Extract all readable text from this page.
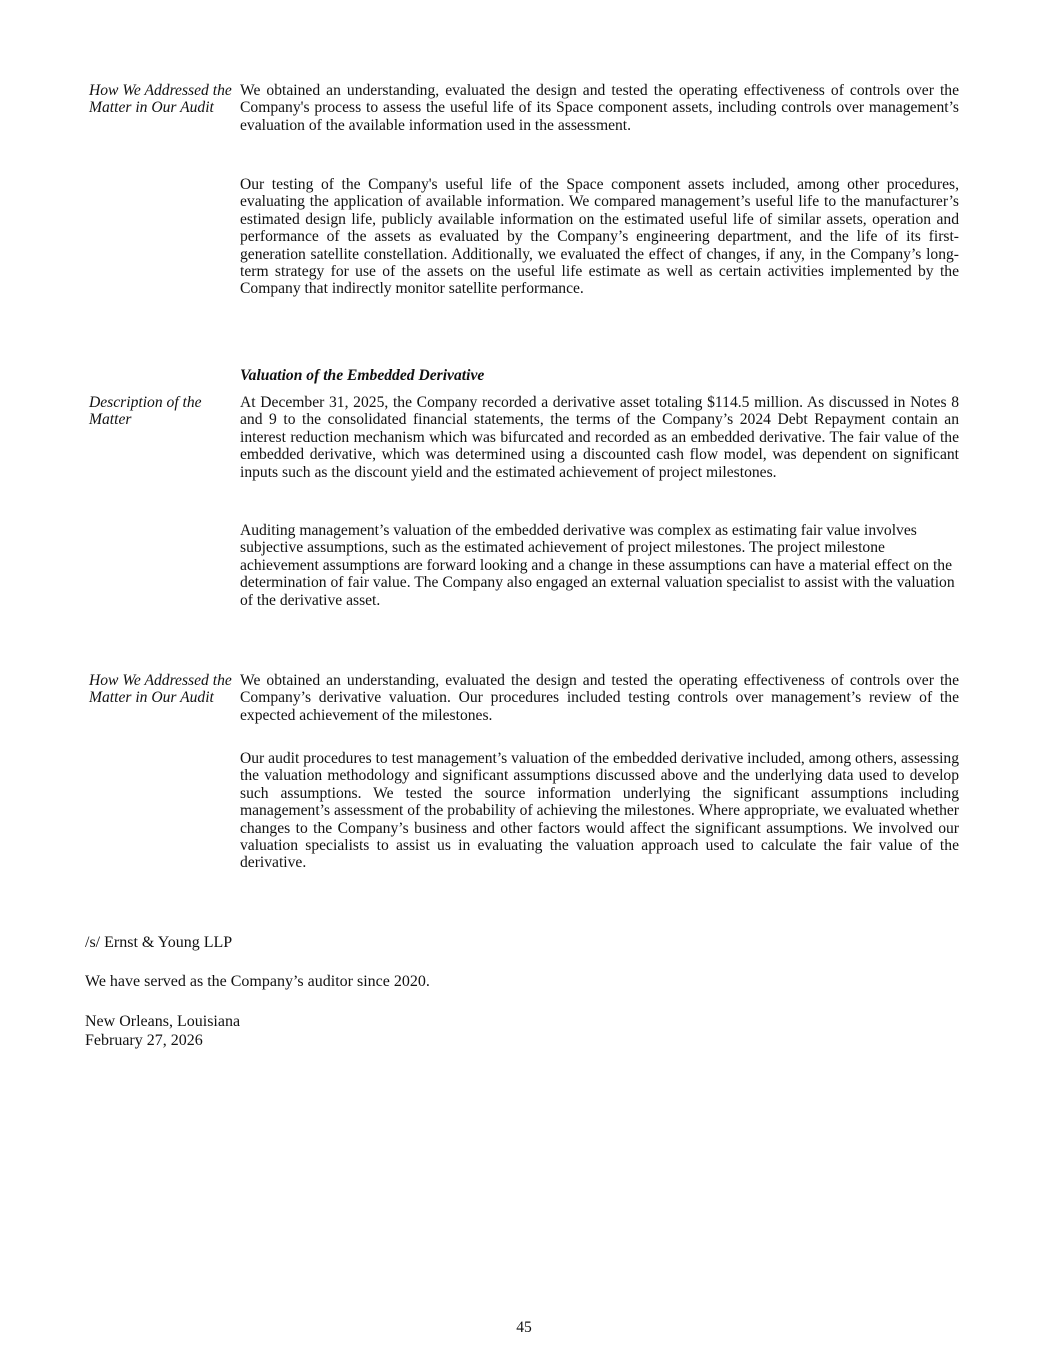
How We Addressed the Matter in Our Audit
We obtained an understanding, evaluated the design and tested the operating effectiveness of controls over the Company's process to assess the useful life of its Space component assets, including controls over management’s evaluation of the available information used in the assessment.
Our testing of the Company's useful life of the Space component assets included, among other procedures, evaluating the application of available information. We compared management’s useful life to the manufacturer’s estimated design life, publicly available information on the estimated useful life of similar assets, operation and performance of the assets as evaluated by the Company’s engineering department, and the life of its first-generation satellite constellation. Additionally, we evaluated the effect of changes, if any, in the Company’s long-term strategy for use of the assets on the useful life estimate as well as certain activities implemented by the Company that indirectly monitor satellite performance.
Valuation of the Embedded Derivative
Description of the Matter
At December 31, 2025, the Company recorded a derivative asset totaling $114.5 million. As discussed in Notes 8 and 9 to the consolidated financial statements, the terms of the Company’s 2024 Debt Repayment contain an interest reduction mechanism which was bifurcated and recorded as an embedded derivative. The fair value of the embedded derivative, which was determined using a discounted cash flow model, was dependent on significant inputs such as the discount yield and the estimated achievement of project milestones.
Auditing management’s valuation of the embedded derivative was complex as estimating fair value involves subjective assumptions, such as the estimated achievement of project milestones. The project milestone achievement assumptions are forward looking and a change in these assumptions can have a material effect on the determination of fair value. The Company also engaged an external valuation specialist to assist with the valuation of the derivative asset.
How We Addressed the Matter in Our Audit
We obtained an understanding, evaluated the design and tested the operating effectiveness of controls over the Company’s derivative valuation. Our procedures included testing controls over management’s review of the expected achievement of the milestones.
Our audit procedures to test management’s valuation of the embedded derivative included, among others, assessing the valuation methodology and significant assumptions discussed above and the underlying data used to develop such assumptions. We tested the source information underlying the significant assumptions including management’s assessment of the probability of achieving the milestones. Where appropriate, we evaluated whether changes to the Company’s business and other factors would affect the significant assumptions. We involved our valuation specialists to assist us in evaluating the valuation approach used to calculate the fair value of the derivative.
/s/ Ernst & Young LLP
We have served as the Company’s auditor since 2020.
New Orleans, Louisiana
February 27, 2026
45
